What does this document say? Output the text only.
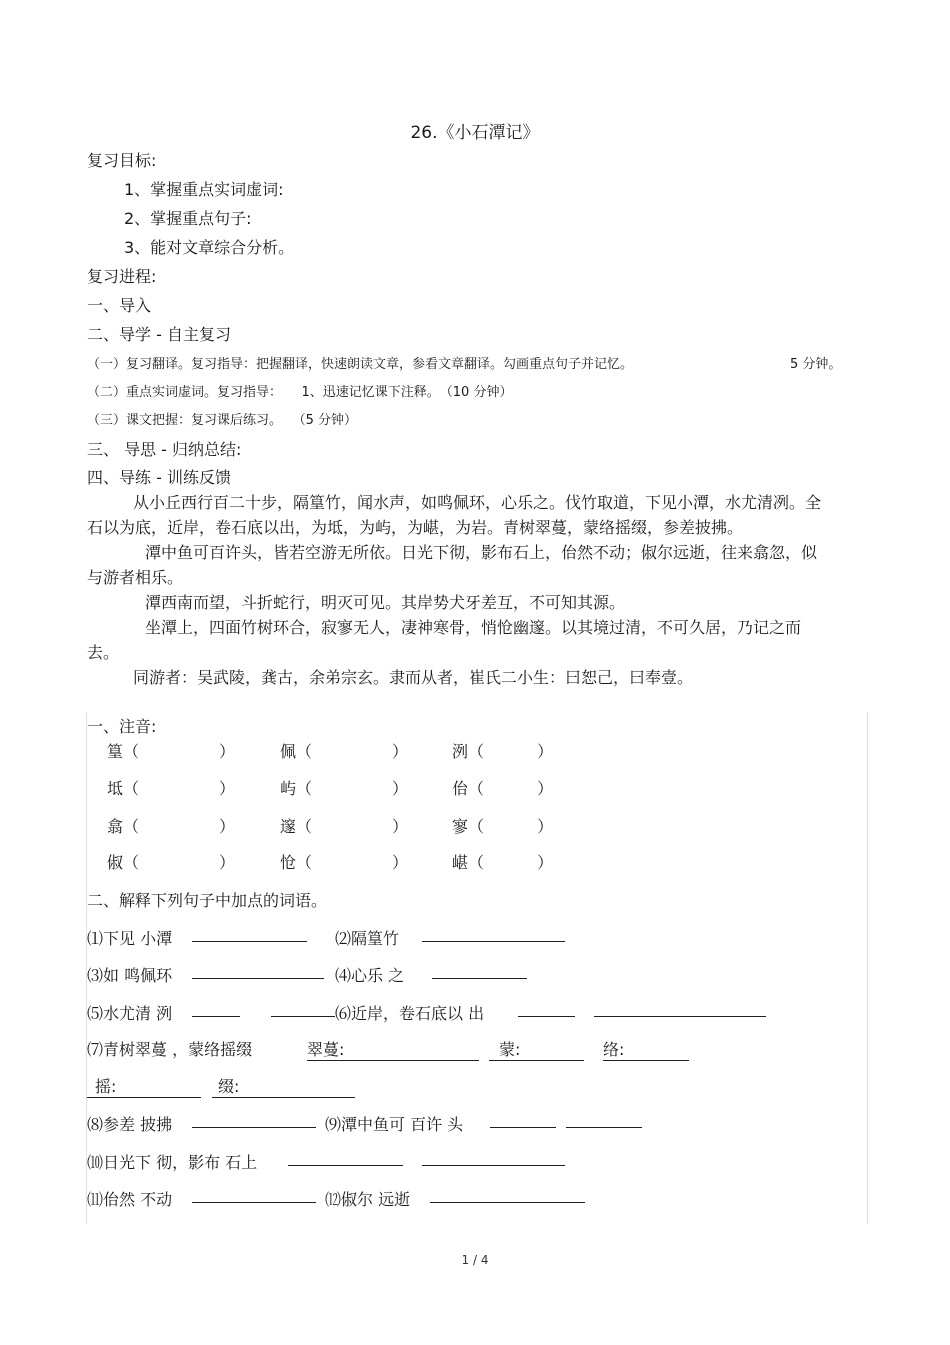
26.《小石潭记》
复习目标:
1、掌握重点实词虚词:
2、掌握重点句子:
3、能对文章综合分析。
复习进程:
一、导入
二、导学 - 自主复习
（一）复习翻译。复习指导：把握翻译，快速朗读文章，参看文章翻译。勾画重点句子并记忆。	5 分钟。
（二）重点实词虚词。复习指导：　　1、迅速记忆课下注释。　（10 分钟）
（三）课文把握：复习课后练习。　 （5 分钟）
三、 导思 - 归纳总结:
四、导练 - 训练反馈

从小丘西行百二十步，隔篁竹，闻水声，如鸣佩环，心乐之。伐竹取道，下见小潭，水尤清冽。全石以为底，近岸，卷石底以出，为坻，为屿，为嵁，为岩。青树翠蔓，蒙络摇缀，参差披拂。

潭中鱼可百许头，皆若空游无所依。日光下彻，影布石上，佁然不动；俶尔远逝，往来翕忽，似与游者相乐。

潭西南而望，斗折蛇行，明灭可见。其岸势犬牙差互，不可知其源。

坐潭上，四面竹树环合，寂寥无人，凄神寒骨，悄怆幽邃。以其境过清，不可久居，乃记之而去。

同游者：吴武陵，龚古，余弟宗玄。隶而从者，崔氏二小生：曰恕己，曰奉壹。

一、注音:
篁（　　　　　）	佩（　　　　　）	洌（　　　 ）
坻（　　　　　）	屿（　　　　　）	佁（　　　 ）
翕（　　　　　）	邃（　　　　　）	寥（　　　 ）
俶（　　　　　）	怆（　　　　　）	嵁（　　　 ）
二、解释下列句子中加点的词语。
⑴下见 小潭	⑵隔篁竹
⑶如 鸣佩环	⑷心乐 之
⑸水尤清 洌	⑹近岸，卷石底以 出
⑺青树翠蔓 ，蒙络摇缀	翠蔓:	蒙:	络:
摇:	缀:
⑻参差 披拂	⑼潭中鱼可 百许 头
⑽日光下 彻，影布 石上
⑾佁然 不动	⑿俶尔 远逝
1 / 4
